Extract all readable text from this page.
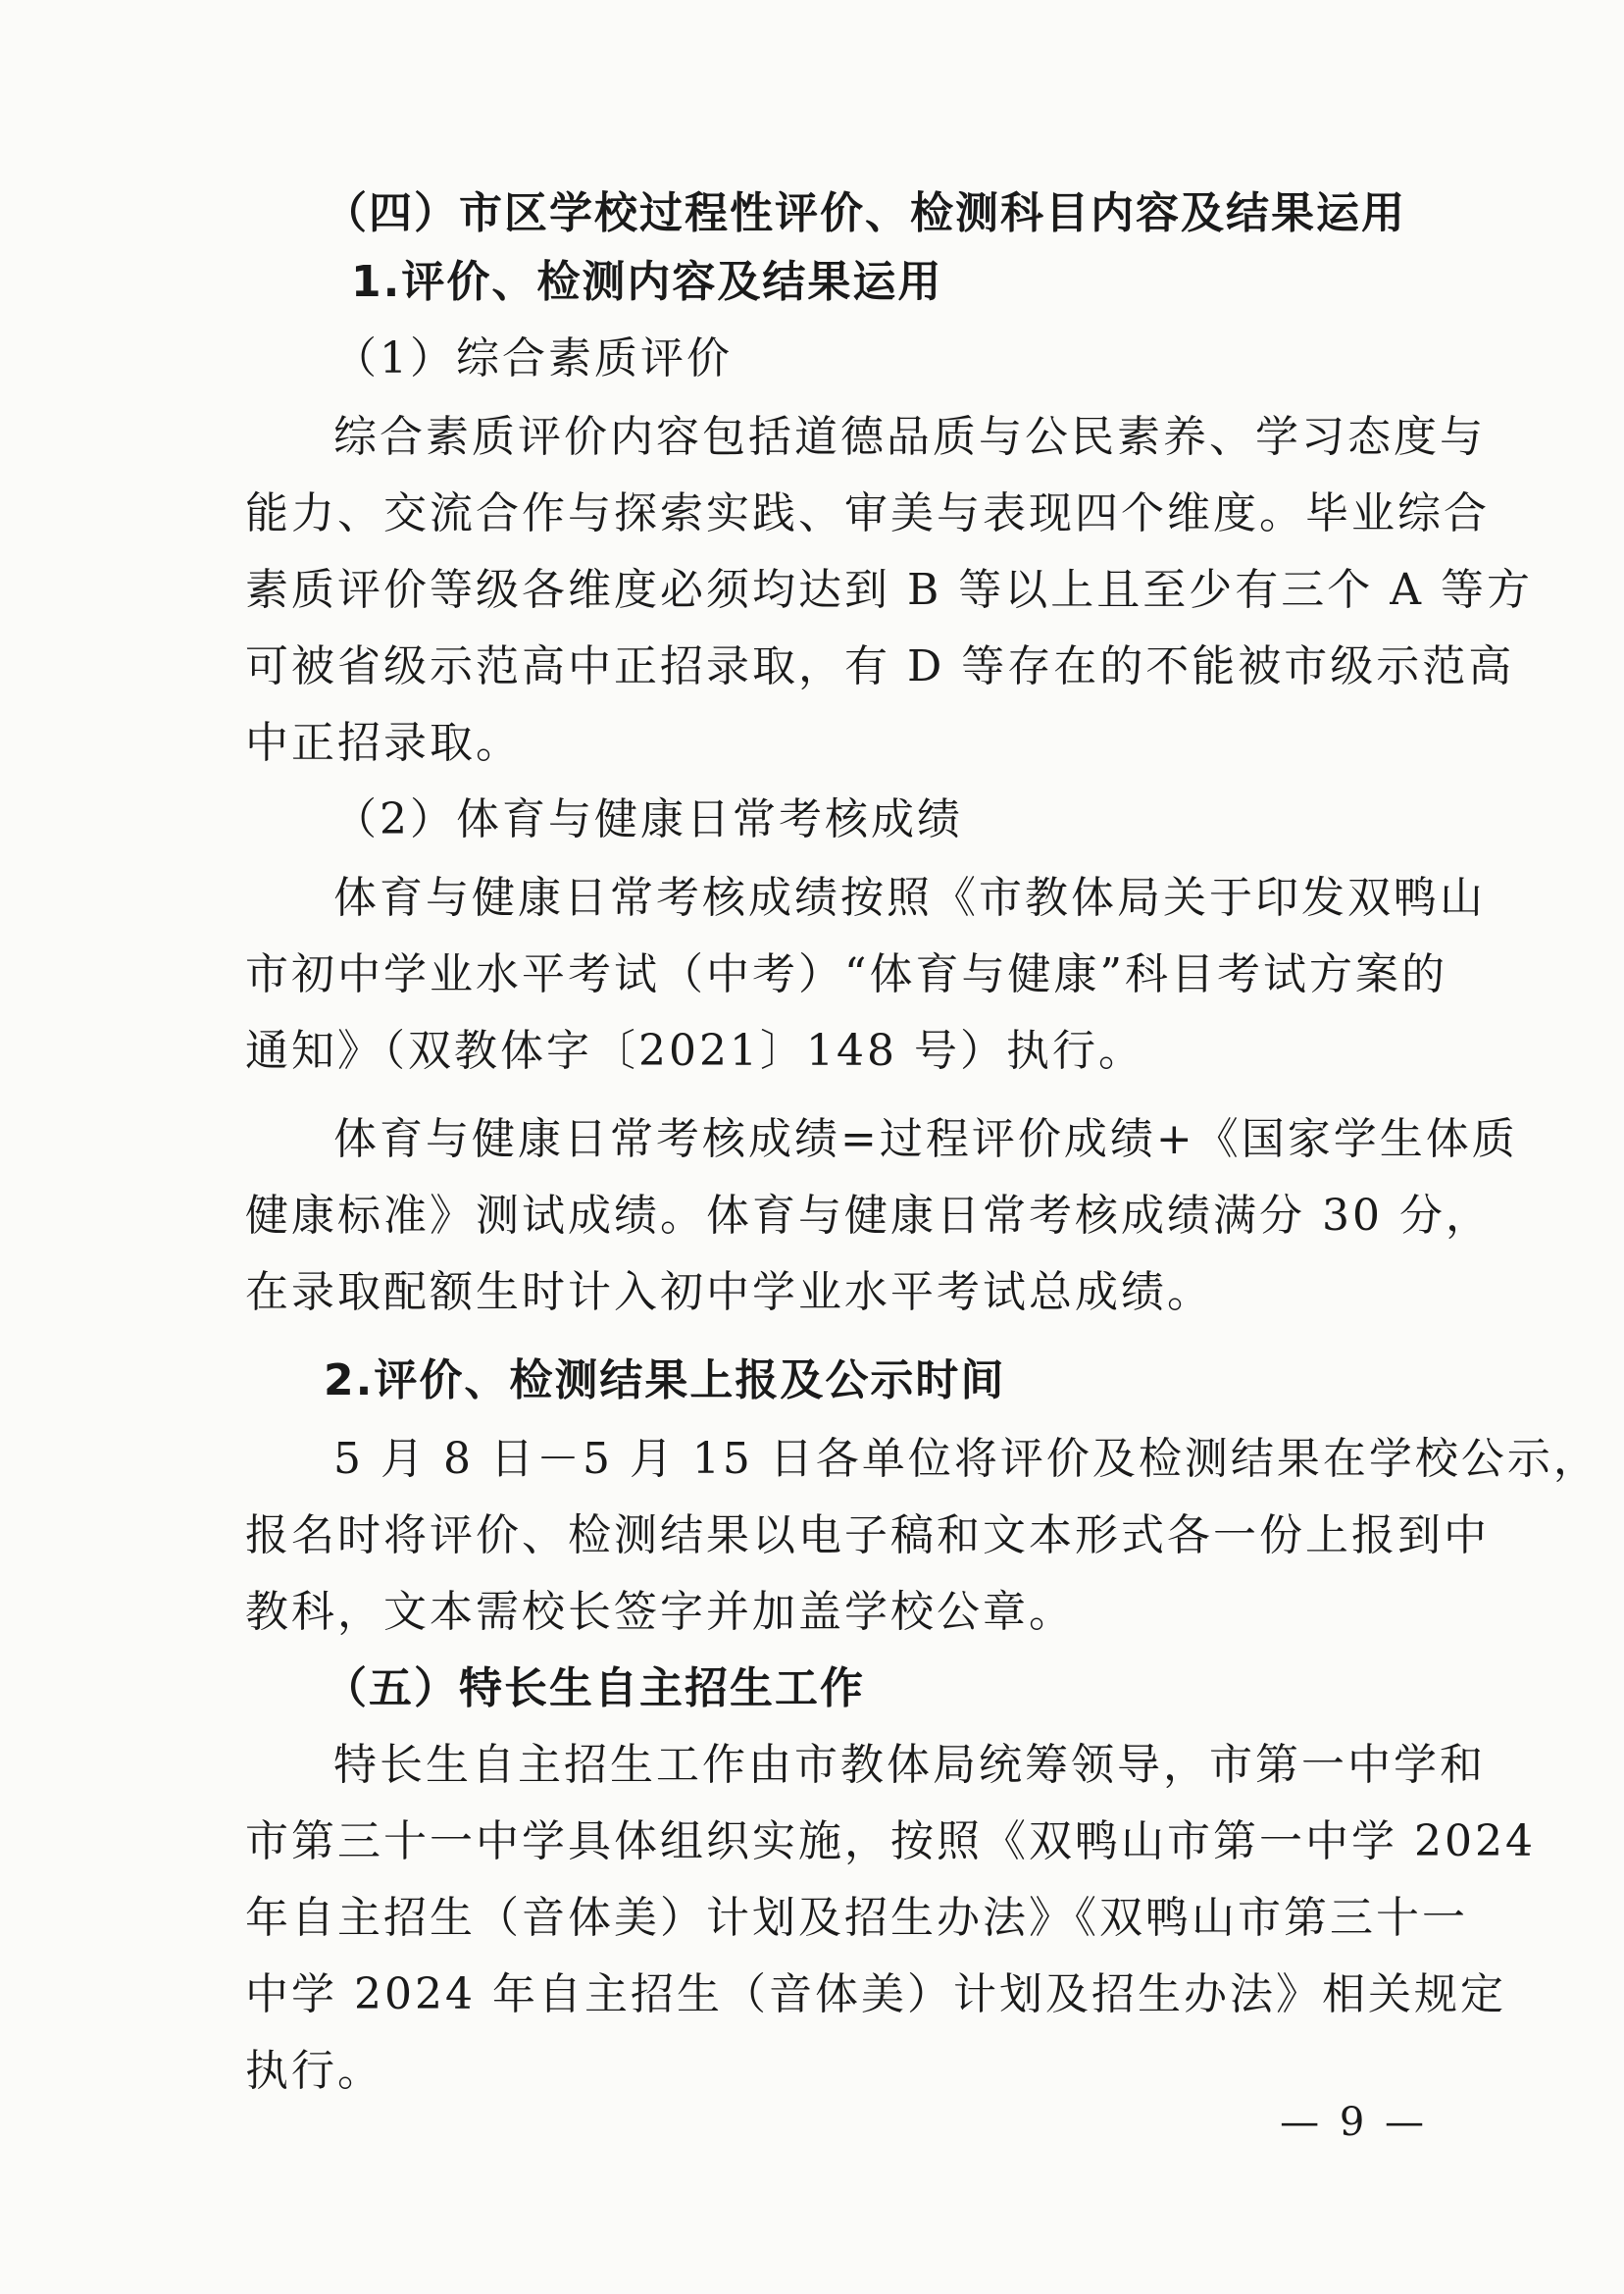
（四）市区学校过程性评价、检测科目内容及结果运用
1.评价、检测内容及结果运用
（1）综合素质评价
综合素质评价内容包括道德品质与公民素养、学习态度与
能力、交流合作与探索实践、审美与表现四个维度。毕业综合
素质评价等级各维度必须均达到 B 等以上且至少有三个 A 等方
可被省级示范高中正招录取，有 D 等存在的不能被市级示范高
中正招录取。
（2）体育与健康日常考核成绩
体育与健康日常考核成绩按照《市教体局关于印发双鸭山
市初中学业水平考试（中考）“体育与健康”科目考试方案的
通知》（双教体字〔2021〕148 号）执行。
体育与健康日常考核成绩=过程评价成绩+《国家学生体质
健康标准》测试成绩。体育与健康日常考核成绩满分 30 分，
在录取配额生时计入初中学业水平考试总成绩。
2.评价、检测结果上报及公示时间
5 月 8 日－5 月 15 日各单位将评价及检测结果在学校公示，
报名时将评价、检测结果以电子稿和文本形式各一份上报到中
教科，文本需校长签字并加盖学校公章。
（五）特长生自主招生工作
特长生自主招生工作由市教体局统筹领导，市第一中学和
市第三十一中学具体组织实施，按照《双鸭山市第一中学 2024
年自主招生（音体美）计划及招生办法》《双鸭山市第三十一
中学 2024 年自主招生（音体美）计划及招生办法》相关规定
执行。
— 9 —
